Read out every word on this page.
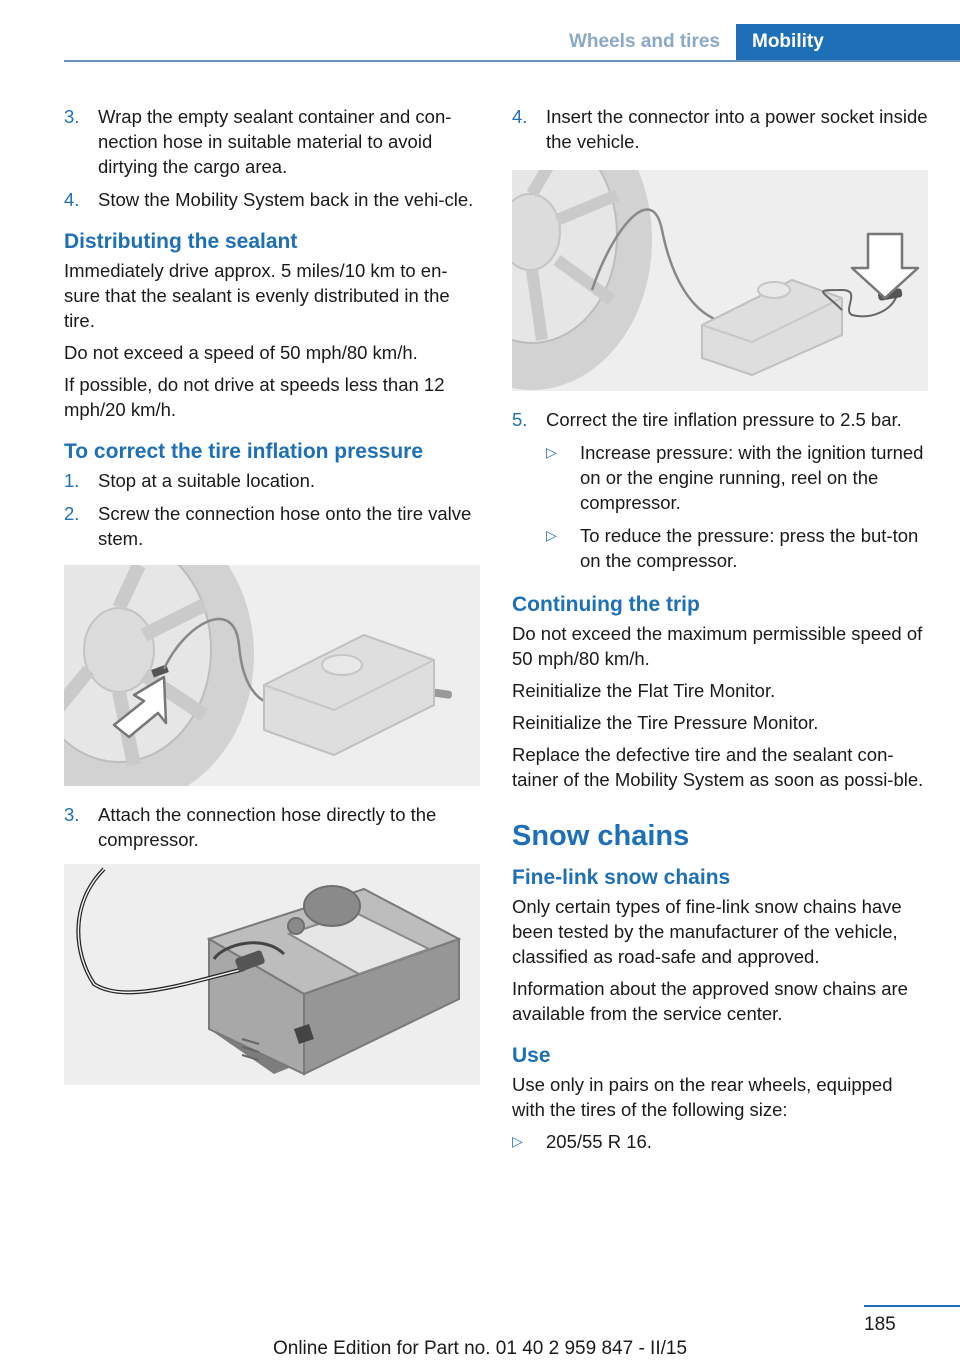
Wheels and tires	Mobility
3. Wrap the empty sealant container and con-nection hose in suitable material to avoid dirtying the cargo area.
4. Stow the Mobility System back in the vehi-cle.
Distributing the sealant
Immediately drive approx. 5 miles/10 km to en-sure that the sealant is evenly distributed in the tire.
Do not exceed a speed of 50 mph/80 km/h.
If possible, do not drive at speeds less than 12 mph/20 km/h.
To correct the tire inflation pressure
1. Stop at a suitable location.
2. Screw the connection hose onto the tire valve stem.
3. Attach the connection hose directly to the compressor.
4. Insert the connector into a power socket inside the vehicle.
5. Correct the tire inflation pressure to 2.5 bar.
▷ Increase pressure: with the ignition turned on or the engine running, reel on the compressor.
▷ To reduce the pressure: press the but-ton on the compressor.
Continuing the trip
Do not exceed the maximum permissible speed of 50 mph/80 km/h.
Reinitialize the Flat Tire Monitor.
Reinitialize the Tire Pressure Monitor.
Replace the defective tire and the sealant con-tainer of the Mobility System as soon as possi-ble.
Snow chains
Fine-link snow chains
Only certain types of fine-link snow chains have been tested by the manufacturer of the vehicle, classified as road-safe and approved.
Information about the approved snow chains are available from the service center.
Use
Use only in pairs on the rear wheels, equipped with the tires of the following size:
▷ 205/55 R 16.
185
Online Edition for Part no. 01 40 2 959 847 - II/15
